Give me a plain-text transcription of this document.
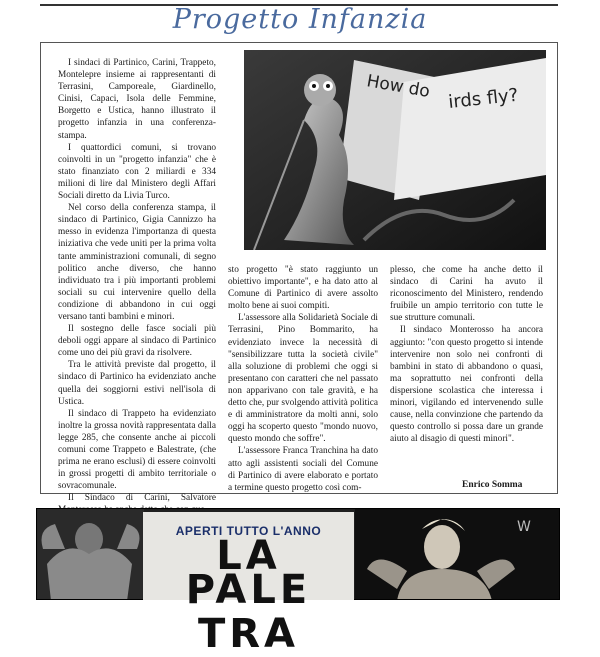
Progetto Infanzia

I sindaci di Partinico, Carini, Trappeto, Montelepre insieme ai rappresentanti di Terrasini, Camporeale, Giardinello, Cinisi, Capaci, Isola delle Femmine, Borgetto e Ustica, hanno illustrato il progetto infanzia in una conferenza-stampa.

I quattordici comuni, si trovano coinvolti in un "progetto infanzia" che è stato finanziato con 2 miliardi e 334 milioni di lire dal Ministero degli Affari Sociali diretto da Livia Turco.

Nel corso della conferenza stampa, il sindaco di Partinico, Gigia Cannizzo ha messo in evidenza l'importanza di questa iniziativa che vede uniti per la prima volta tante amministrazioni comunali, di segno politico anche diverso, che hanno individuato tra i più importanti problemi sociali su cui intervenire quello della condizione di abbandono in cui oggi versano tanti bambini e minori.

Il sostegno delle fasce sociali più deboli oggi appare al sindaco di Partinico come uno dei più gravi da risolvere.

Tra le attività previste dal progetto, il sindaco di Partinico ha evidenziato anche quella dei soggiorni estivi nell'isola di Ustica.

Il sindaco di Trappeto ha evidenziato inoltre la grossa novità rappresentata dalla legge 285, che consente anche ai piccoli comuni come Trappeto e Balestrate, (che prima ne erano esclusi) di essere coinvolti in grossi progetti di ambito territoriale o sovracomunale.

Il Sindaco di Carini, Salvatore

How do irds fly?

sto progetto "è stato raggiunto un obiettivo importante", e ha dato atto al Comune di Partinico di avere assolto molto bene ai suoi compiti.

L'assessore alla Solidarietà Sociale di Terrasini, Pino Bommarito, ha evidenziato invece la necessità di "sensibilizzare tutta la società civile" alla soluzione di problemi che oggi si presentano con caratteri che nel passato non apparivano con tale gravità, e ha detto che, pur svolgendo attività politica e di amministratore da molti anni, solo oggi ha scoperto questo "mondo nuovo, questo mondo che soffre".

L'assessore Franca Tranchina ha dato atto agli assistenti sociali del Comune di Partinico di avere elaborato e portato a termine questo progetto così com-

plesso, che come ha anche detto il sindaco di Carini ha avuto il riconoscimento del Ministero, rendendo fruibile un ampio territorio con tutte le sue strutture comunali.

Il sindaco Monterosso ha ancora aggiunto: "con questo progetto si intende intervenire non solo nei confronti di bambini in stato di abbandono o quasi, ma soprattutto nei confronti della dispersione scolastica che interessa i minori, vigilando ed intervenendo sulle cause, nella convinzione che partendo da questo controllo si possa dare un grande aiuto al disagio di questi minori".

Enrico Somma
W
APERTI TUTTO L'ANNO
LA
PALE TRA
